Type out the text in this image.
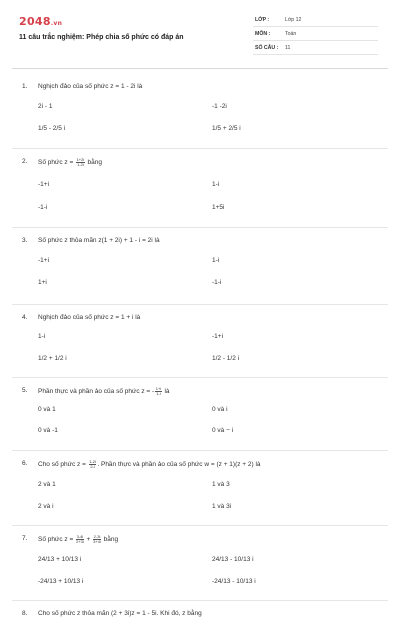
2048.vn
11 câu trắc nghiệm: Phép chia số phức có đáp án
LỚP :	Lớp 12
MÔN :	Toán
SỐ CÂU : 11
1. Nghịch đảo của số phức z = 1 - 2i là
2i - 1	-1 -2i
1/5 - 2/5 i	1/5 + 2/5 i
2. Số phức $z = \frac{1+2i}{1-2i}$ bằng
-1+i	1-i
-1-i	1+5i
3. Số phức z thỏa mãn z(1 + 2i) + 1 - i = 2i là
-1+i	1-i
1+i	-1-i
4. Nghịch đảo của số phức z = 1 + i là
1-i	-1+i
1/2 + 1/2 i	1/2 - 1/2 i
5. Phần thực và phần ảo của số phức z = - $\frac{1+i}{1-i}$ là
0 và 1	0 và i
0 và -1	0 và − i
6. Cho số phức $z = \frac{1-2i}{2-i}$ . Phần thực và phần ảo của số phức w = (z + 1)(z + 2) là
2 và 1	1 và 3
2 và i	1 và 3i
7. Số phức $z = \frac{3-4i}{2+3i} + \frac{2-3i}{3+4i}$ bằng
24/13 + 10/13 i	24/13 - 10/13 i
-24/13 + 10/13 i	-24/13 - 10/13 i
8. Cho số phức z thỏa mãn (2 + 3i)z = 1 - 5i. Khi đó, z bằng
